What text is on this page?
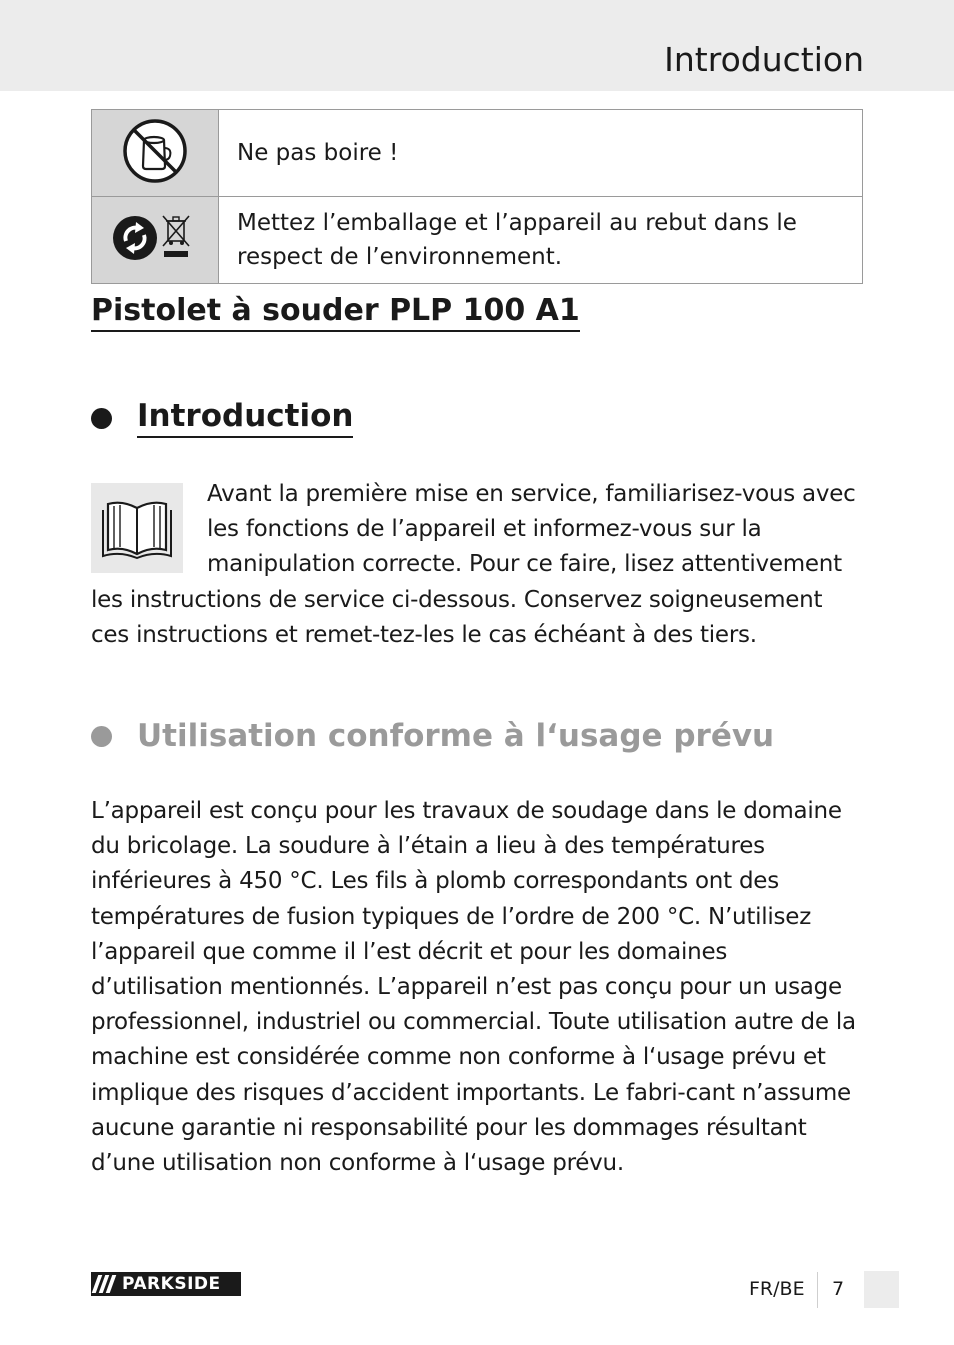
Introduction
	Ne pas boire !
	Mettez l’emballage et l’appareil au rebut dans le respect de l’environnement.
Pistolet à souder PLP 100 A1
Introduction
Avant la première mise en service, familiarisez-vous avec les fonctions de l’appareil et informez-vous sur la manipulation correcte. Pour ce faire, lisez attentivement les instructions de service ci-dessous. Conservez soigneusement ces instructions et remet-tez-les le cas échéant à des tiers.
Utilisation conforme à l‘usage prévu
L’appareil est conçu pour les travaux de soudage dans le domaine du bricolage. La soudure à l’étain a lieu à des températures inférieures à 450 °C. Les fils à plomb correspondants ont des températures de fusion typiques de l’ordre de 200 °C. N’utilisez l’appareil que comme il l’est décrit et pour les domaines d’utilisation mentionnés. L’appareil n’est pas conçu pour un usage professionnel, industriel ou commercial. Toute utilisation autre de la machine est considérée comme non conforme à l‘usage prévu et implique des risques d’accident importants. Le fabri-cant n’assume aucune garantie ni responsabilité pour les dommages résultant d’une utilisation non conforme à l‘usage prévu.
PARKSIDE	FR/BE 7
